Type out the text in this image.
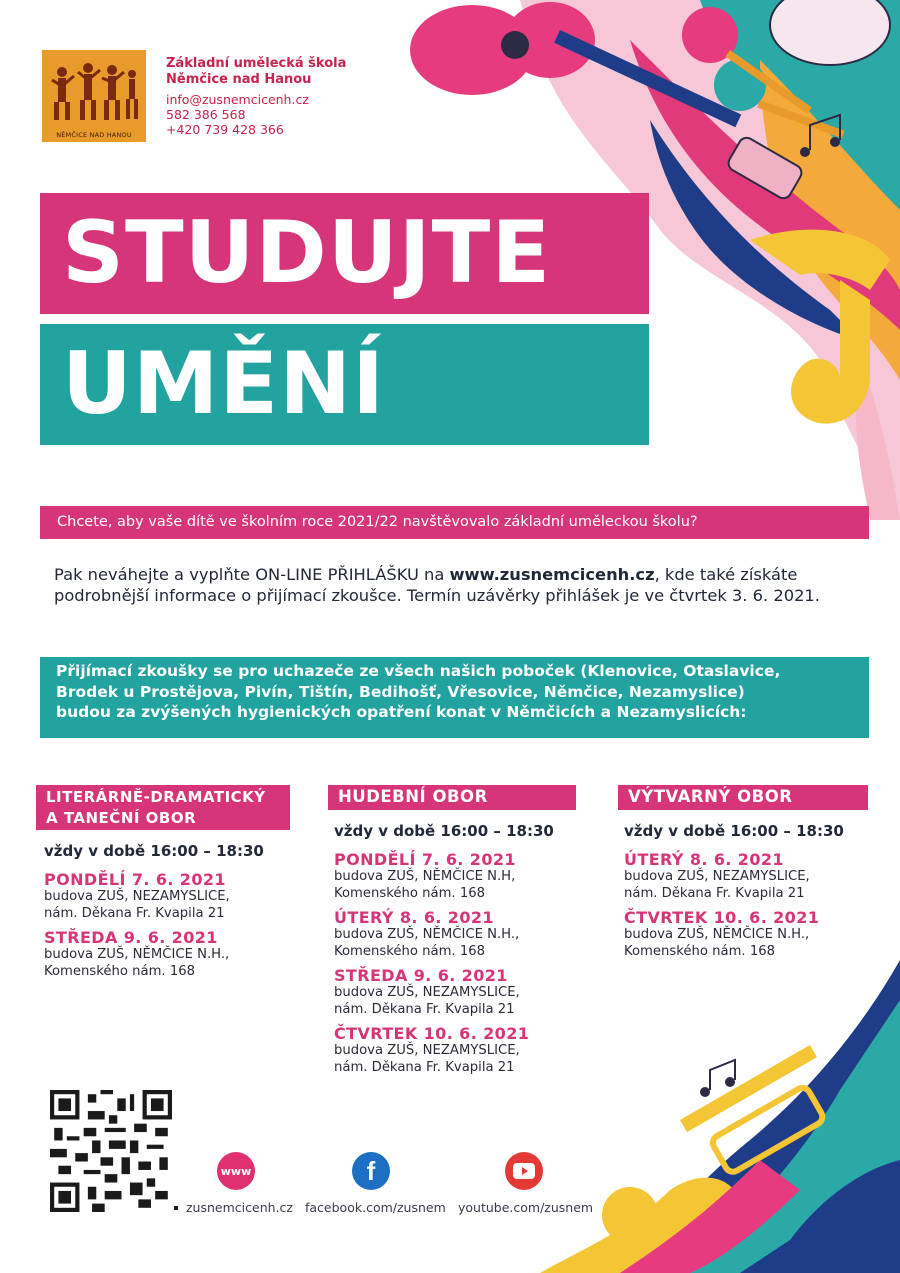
NĚMČICE NAD HANOU
Základní umělecká škola
Němčice nad Hanou
info@zusnemcicenh.cz
582 386 568
+420 739 428 366
STUDUJTE
UMĚNÍ
Chcete, aby vaše dítě ve školním roce 2021/22 navštěvovalo základní uměleckou školu?
Pak neváhejte a vyplňte ON-LINE PŘIHLÁŠKU na www.zusnemcicenh.cz, kde také získáte podrobnější informace o přijímací zkoušce. Termín uzávěrky přihlášek je ve čtvrtek 3. 6. 2021.
Přijímací zkoušky se pro uchazeče ze všech našich poboček (Klenovice, Otaslavice,
Brodek u Prostějova, Pivín, Tištín, Bedihošť, Vřesovice, Němčice, Nezamyslice)
budou za zvýšených hygienických opatření konat v Němčicích a Nezamyslicích:
LITERÁRNĚ-DRAMATICKÝ
A TANEČNÍ OBOR
vždy v době 16:00 – 18:30
PONDĚLÍ 7. 6. 2021
budova ZUŠ, NEZAMYSLICE,
nám. Děkana Fr. Kvapila 21
STŘEDA 9. 6. 2021
budova ZUŠ, NĚMČICE N.H.,
Komenského nám. 168
HUDEBNÍ OBOR
vždy v době 16:00 – 18:30
PONDĚLÍ 7. 6. 2021
budova ZUŠ, NĚMČICE N.H,
Komenského nám. 168
ÚTERÝ 8. 6. 2021
budova ZUŠ, NĚMČICE N.H.,
Komenského nám. 168
STŘEDA 9. 6. 2021
budova ZUŠ, NEZAMYSLICE,
nám. Děkana Fr. Kvapila 21
ČTVRTEK 10. 6. 2021
budova ZUŠ, NEZAMYSLICE,
nám. Děkana Fr. Kvapila 21
VÝTVARNÝ OBOR
vždy v době 16:00 – 18:30
ÚTERÝ 8. 6. 2021
budova ZUŠ, NEZAMYSLICE,
nám. Děkana Fr. Kvapila 21
ČTVRTEK 10. 6. 2021
budova ZUŠ, NĚMČICE N.H.,
Komenského nám. 168
www
zusnemcicenh.cz
f
facebook.com/zusnem youtube.com/zusnem
